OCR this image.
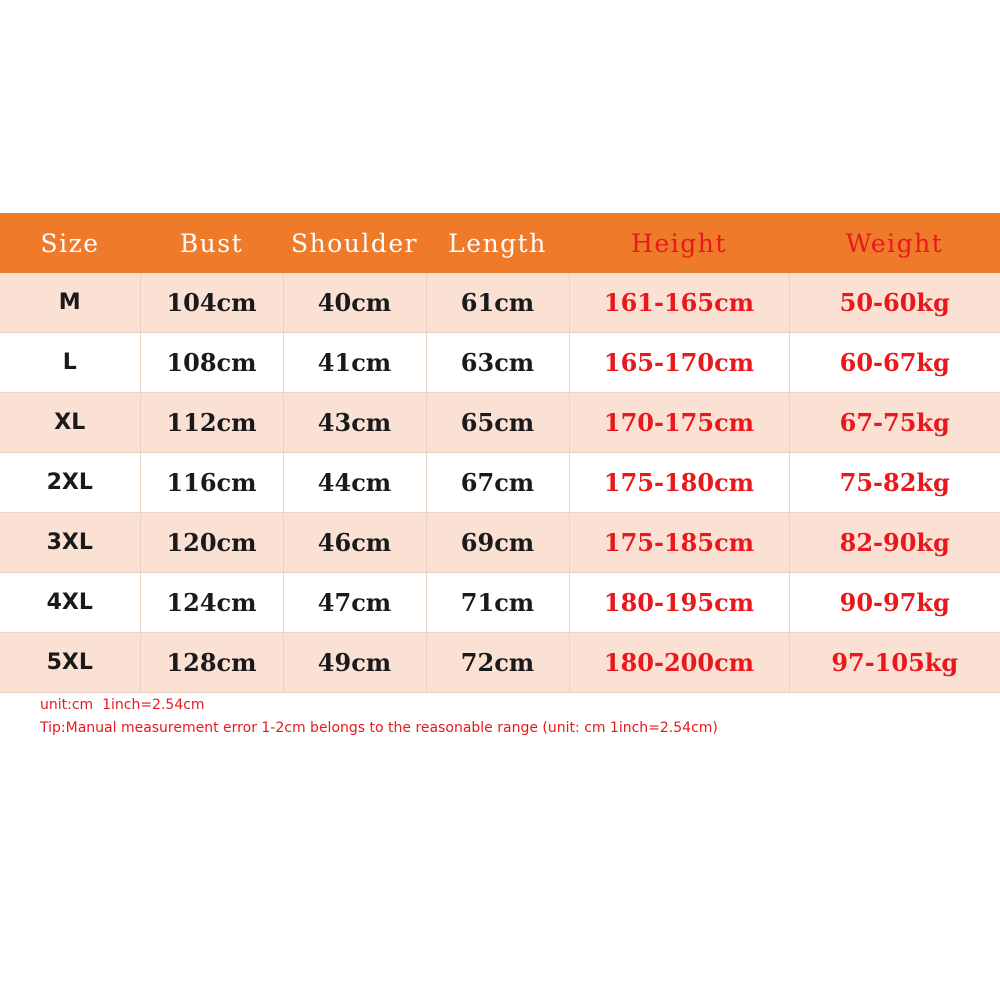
Size	Bust	Shoulder	Length	Height	Weight
M	104cm	40cm	61cm	161-165cm	50-60kg
L	108cm	41cm	63cm	165-170cm	60-67kg
XL	112cm	43cm	65cm	170-175cm	67-75kg
2XL	116cm	44cm	67cm	175-180cm	75-82kg
3XL	120cm	46cm	69cm	175-185cm	82-90kg
4XL	124cm	47cm	71cm	180-195cm	90-97kg
5XL	128cm	49cm	72cm	180-200cm	97-105kg

unit:cm  1inch=2.54cm

Tip:Manual measurement error 1-2cm belongs to the reasonable range (unit: cm 1inch=2.54cm)
